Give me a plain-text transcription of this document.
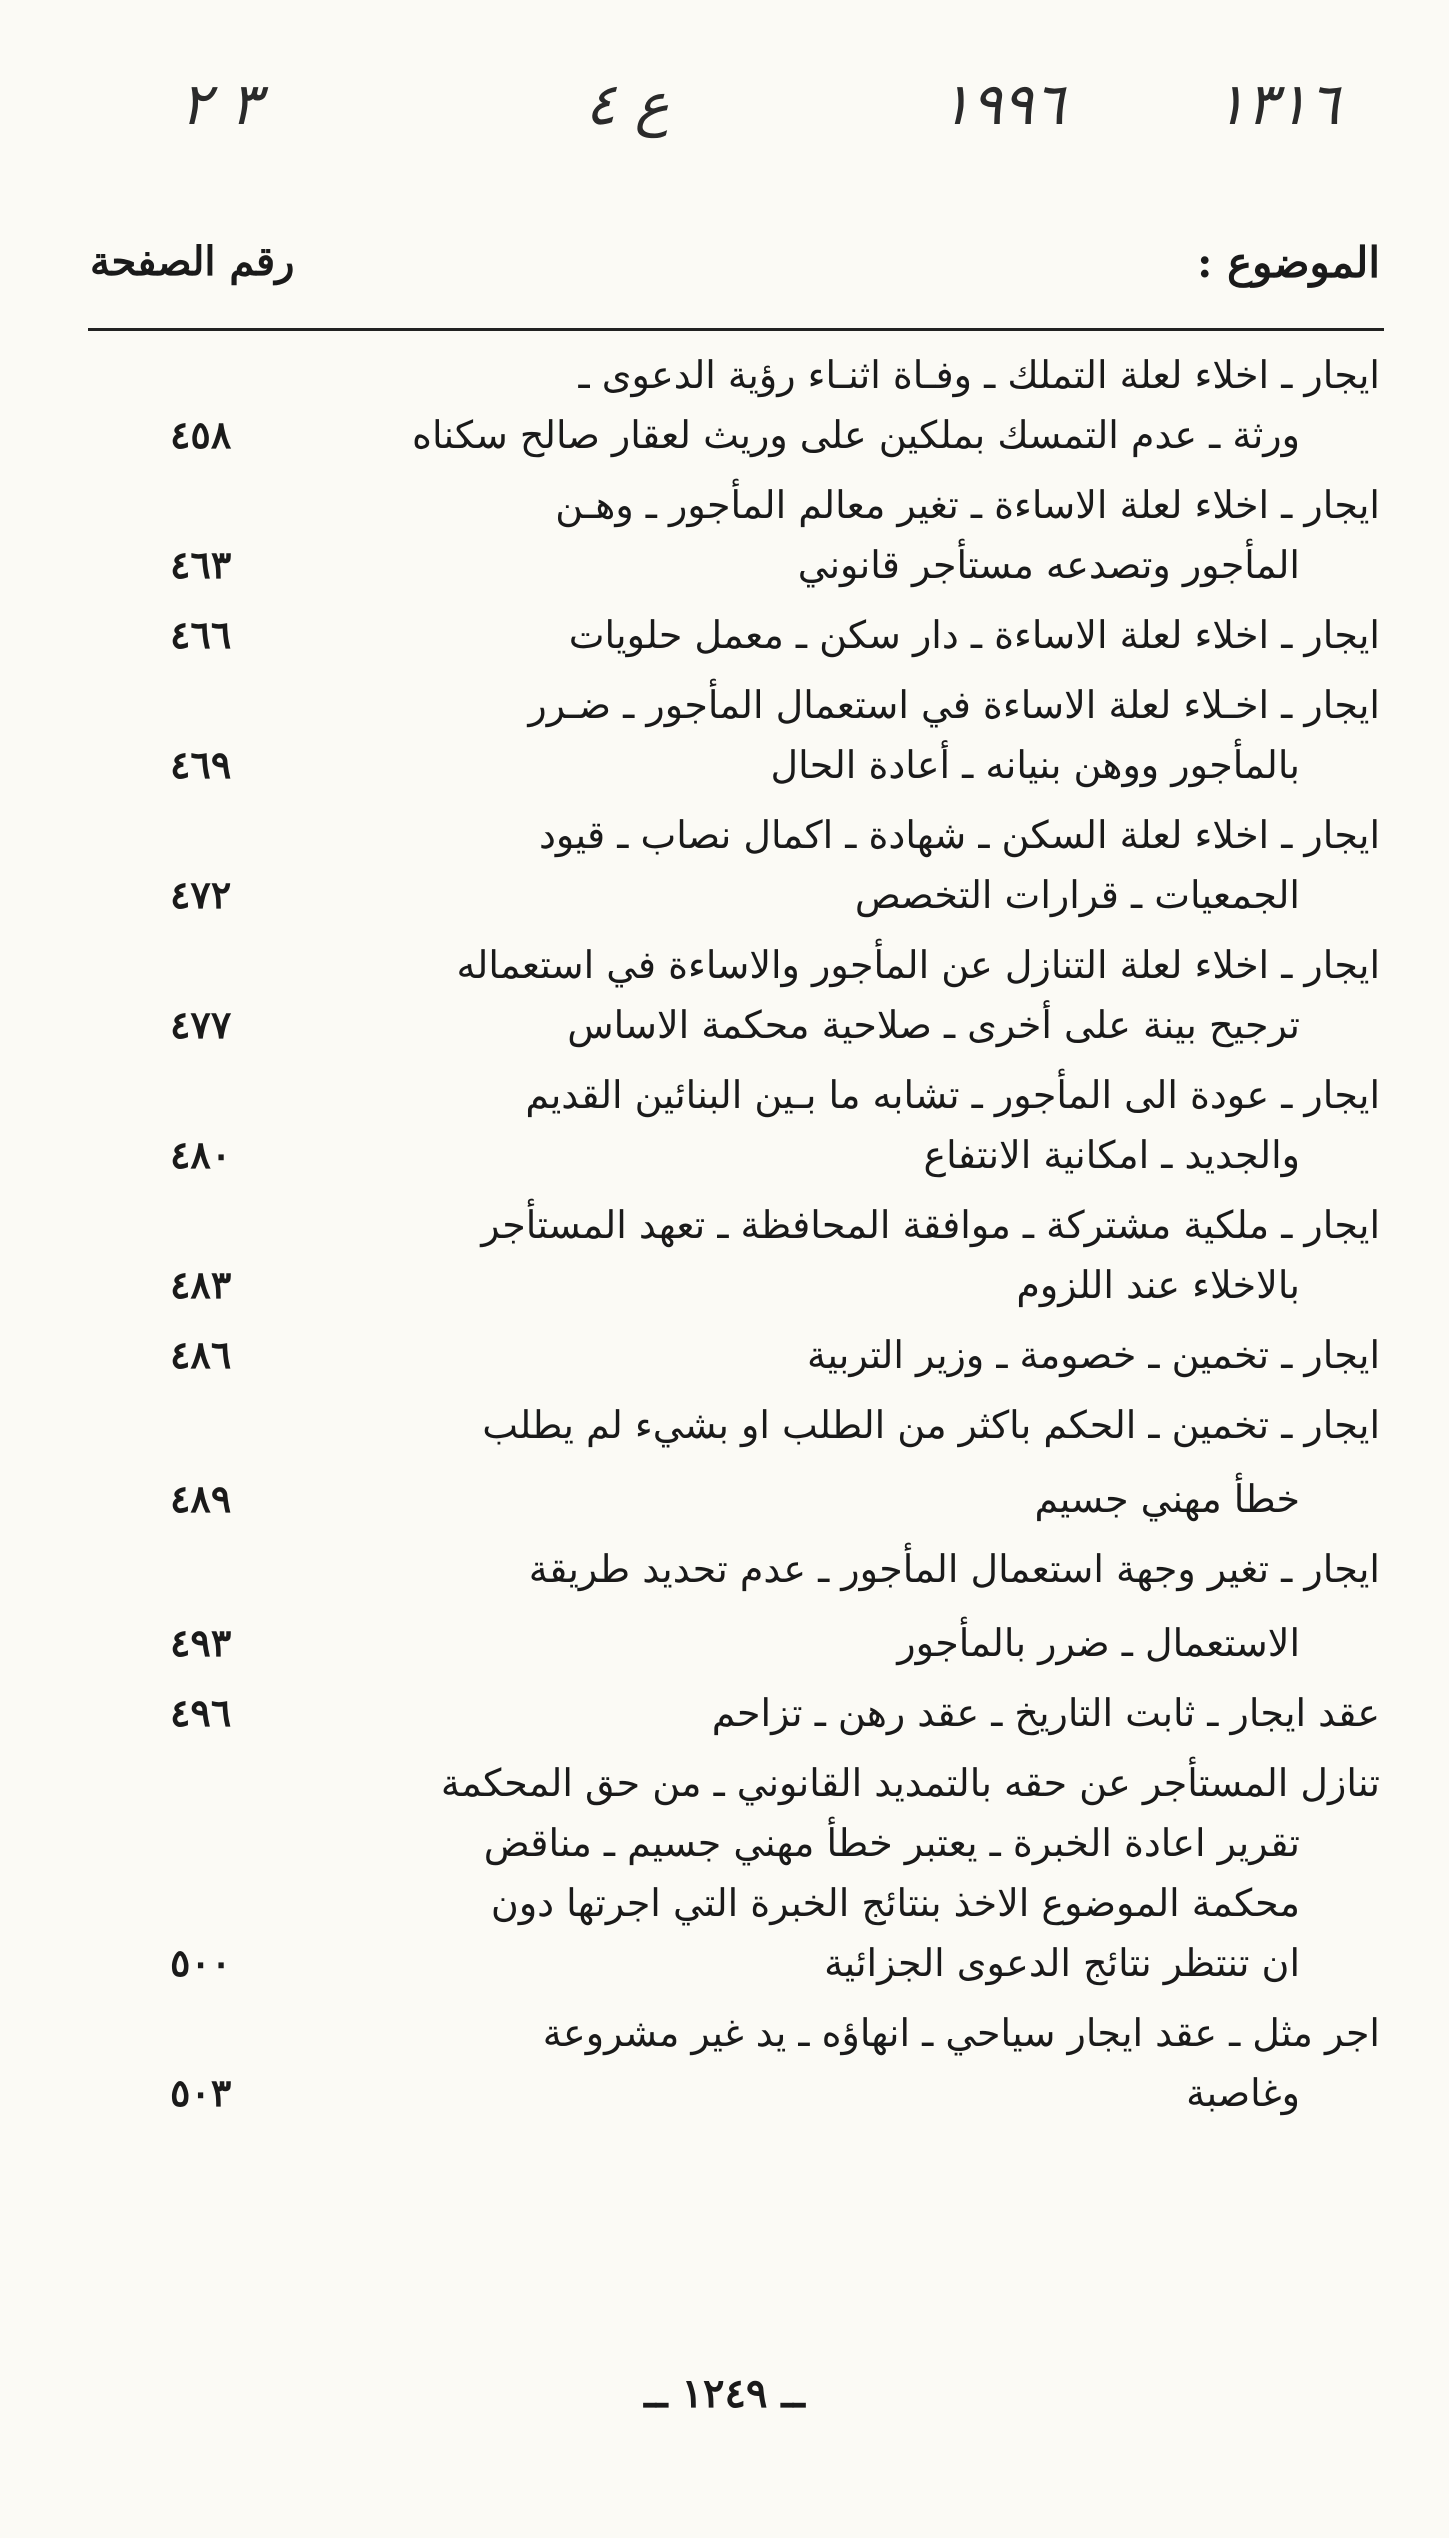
١٣١٦
١٩٩٦
ع ٤
٣ ٢
الموضوع :
رقم الصفحة
ايجار ـ اخلاء لعلة التملك ـ وفـاة اثنـاء رؤية الدعوى ـ
ورثة ـ عدم التمسك بملكين على وريث لعقار صالح سكناه
٤٥٨
ايجار ـ اخلاء لعلة الاساءة ـ تغير معالم المأجور ـ وهـن
المأجور وتصدعه مستأجر قانوني
٤٦٣
ايجار ـ اخلاء لعلة الاساءة ـ دار سكن ـ معمل حلويات
٤٦٦
ايجار ـ اخـلاء لعلة الاساءة في استعمال المأجور ـ ضـرر
بالمأجور ووهن بنيانه ـ أعادة الحال
٤٦٩
ايجار ـ اخلاء لعلة السكن ـ شهادة ـ اكمال نصاب ـ قيود
الجمعيات ـ قرارات التخصص
٤٧٢
ايجار ـ اخلاء لعلة التنازل عن المأجور والاساءة في استعماله
ترجيح بينة على أخرى ـ صلاحية محكمة الاساس
٤٧٧
ايجار ـ عودة الى المأجور ـ تشابه ما بـين البنائين القديم
والجديد ـ امكانية الانتفاع
٤٨٠
ايجار ـ ملكية مشتركة ـ موافقة المحافظة ـ تعهد المستأجر
بالاخلاء عند اللزوم
٤٨٣
ايجار ـ تخمين ـ خصومة ـ وزير التربية
٤٨٦
ايجار ـ تخمين ـ الحكم باكثر من الطلب او بشيء لم يطلب
خطأ مهني جسيم
٤٨٩
ايجار ـ تغير وجهة استعمال المأجور ـ عدم تحديد طريقة
الاستعمال ـ ضرر بالمأجور
٤٩٣
عقد ايجار ـ ثابت التاريخ ـ عقد رهن ـ تزاحم
٤٩٦
تنازل المستأجر عن حقه بالتمديد القانوني ـ من حق المحكمة
تقرير اعادة الخبرة ـ يعتبر خطأ مهني جسيم ـ مناقض
محكمة الموضوع الاخذ بنتائج الخبرة التي اجرتها دون
ان تنتظر نتائج الدعوى الجزائية
٥٠٠
اجر مثل ـ عقد ايجار سياحي ـ انهاؤه ـ يد غير مشروعة
وغاصبة
٥٠٣
ــ ١٢٤٩ ــ
